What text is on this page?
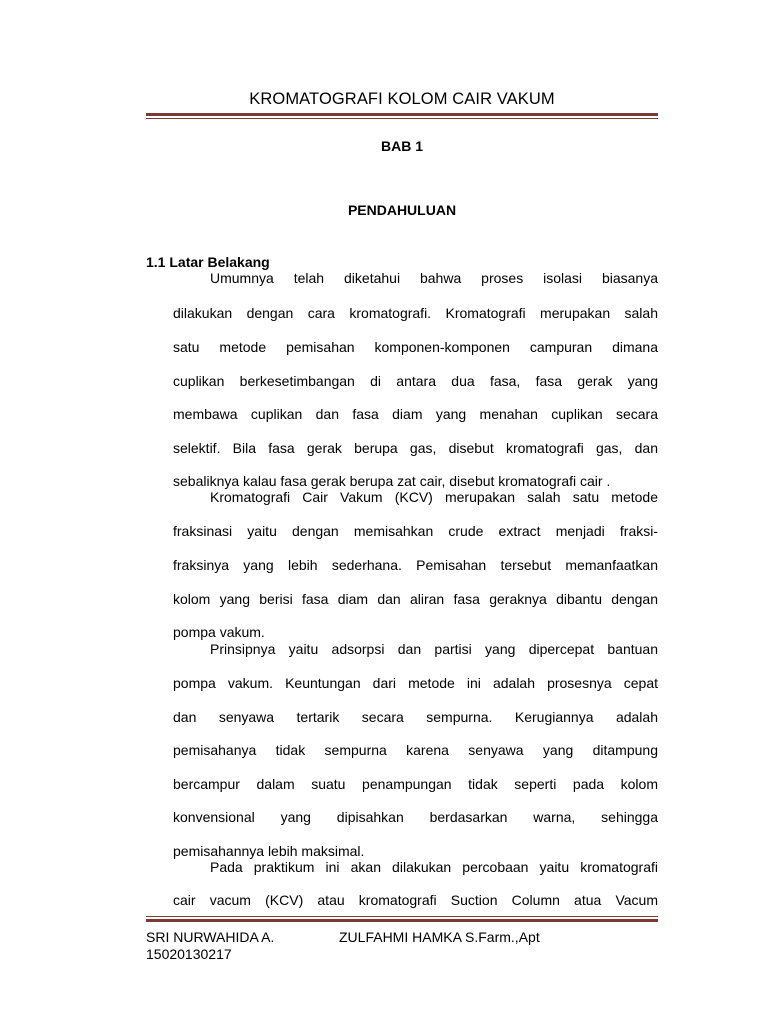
KROMATOGRAFI KOLOM CAIR VAKUM
BAB 1
PENDAHULUAN
1.1 Latar Belakang
Umumnya telah diketahui bahwa proses isolasi biasanya
dilakukan dengan cara kromatografi. Kromatografi merupakan salah
satu metode pemisahan komponen-komponen campuran dimana
cuplikan berkesetimbangan di antara dua fasa, fasa gerak yang
membawa cuplikan dan fasa diam yang menahan cuplikan secara
selektif. Bila fasa gerak berupa gas, disebut kromatografi gas, dan
sebaliknya kalau fasa gerak berupa zat cair, disebut kromatografi cair .
Kromatografi Cair Vakum (KCV) merupakan salah satu metode
fraksinasi yaitu dengan memisahkan crude extract menjadi fraksi-
fraksinya yang lebih sederhana. Pemisahan tersebut memanfaatkan
kolom yang berisi fasa diam dan aliran fasa geraknya dibantu dengan
pompa vakum.
Prinsipnya yaitu adsorpsi dan partisi yang dipercepat bantuan
pompa vakum. Keuntungan dari metode ini adalah prosesnya cepat
dan senyawa tertarik secara sempurna. Kerugiannya adalah
pemisahanya tidak sempurna karena senyawa yang ditampung
bercampur dalam suatu penampungan tidak seperti pada kolom
konvensional yang dipisahkan berdasarkan warna, sehingga
pemisahannya lebih maksimal.
Pada praktikum ini akan dilakukan percobaan yaitu kromatografi
cair vacum (KCV) atau kromatografi Suction Column atua Vacum
SRI NURWAHIDA A.	ZULFAHMI HAMKA S.Farm.,Apt
15020130217
